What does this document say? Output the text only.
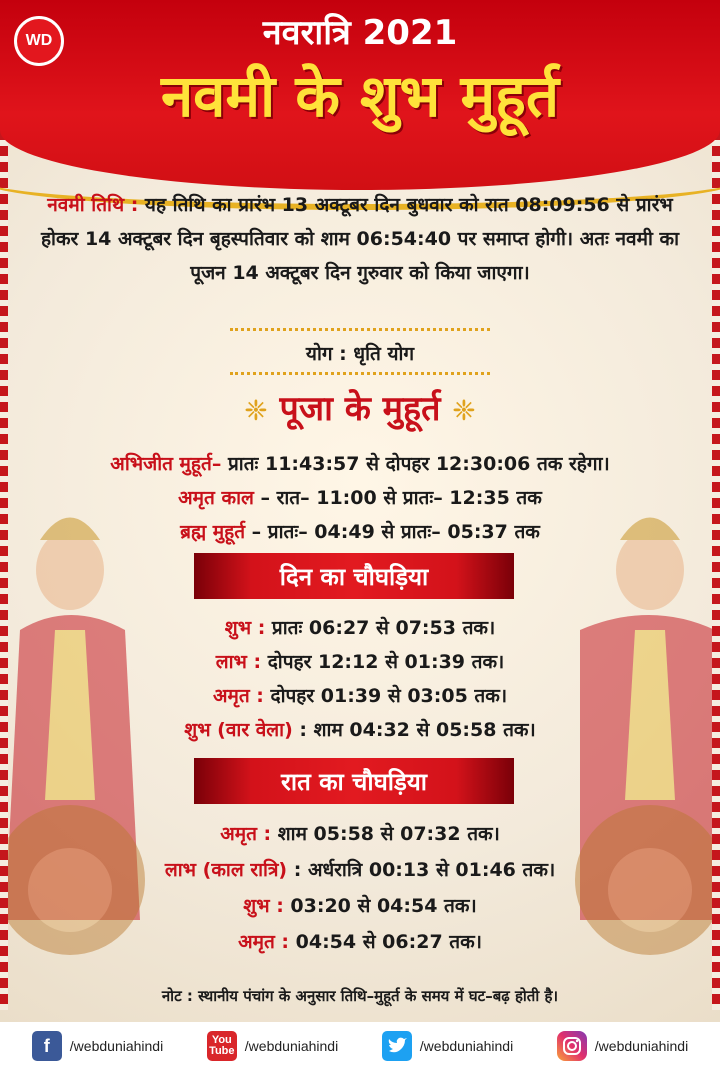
WD	नवरात्रि 2021
नवमी के शुभ मुहूर्त
नवमी तिथि : यह तिथि का प्रारंभ 13 अक्टूबर दिन बुधवार को रात 08:09:56 से प्रारंभ होकर 14 अक्टूबर दिन बृहस्पतिवार को शाम 06:54:40 पर समाप्त होगी। अतः नवमी का पूजन 14 अक्टूबर दिन गुरुवार को किया जाएगा।
योग : धृति योग
❈ पूजा के मुहूर्त ❈
अभिजीत मुहूर्त– प्रातः 11:43:57 से दोपहर 12:30:06 तक रहेगा।
अमृत काल – रात– 11:00 से प्रातः– 12:35 तक
ब्रह्म मुहूर्त – प्रातः– 04:49 से प्रातः– 05:37 तक
दिन का चौघड़िया
शुभ : प्रातः 06:27 से 07:53 तक।
लाभ : दोपहर 12:12 से 01:39 तक।
अमृत : दोपहर 01:39 से 03:05 तक।
शुभ (वार वेला) : शाम 04:32 से 05:58 तक।
रात का चौघड़िया
अमृत : शाम 05:58 से 07:32 तक।
लाभ (काल रात्रि) : अर्धरात्रि 00:13 से 01:46 तक।
शुभ : 03:20 से 04:54 तक।
अमृत : 04:54 से 06:27 तक।
नोट : स्थानीय पंचांग के अनुसार तिथि–मुहूर्त के समय में घट–बढ़ होती है।
f	/webduniahindi	You
Tube /webduniahindi	/webduniahindi	/webduniahindi
